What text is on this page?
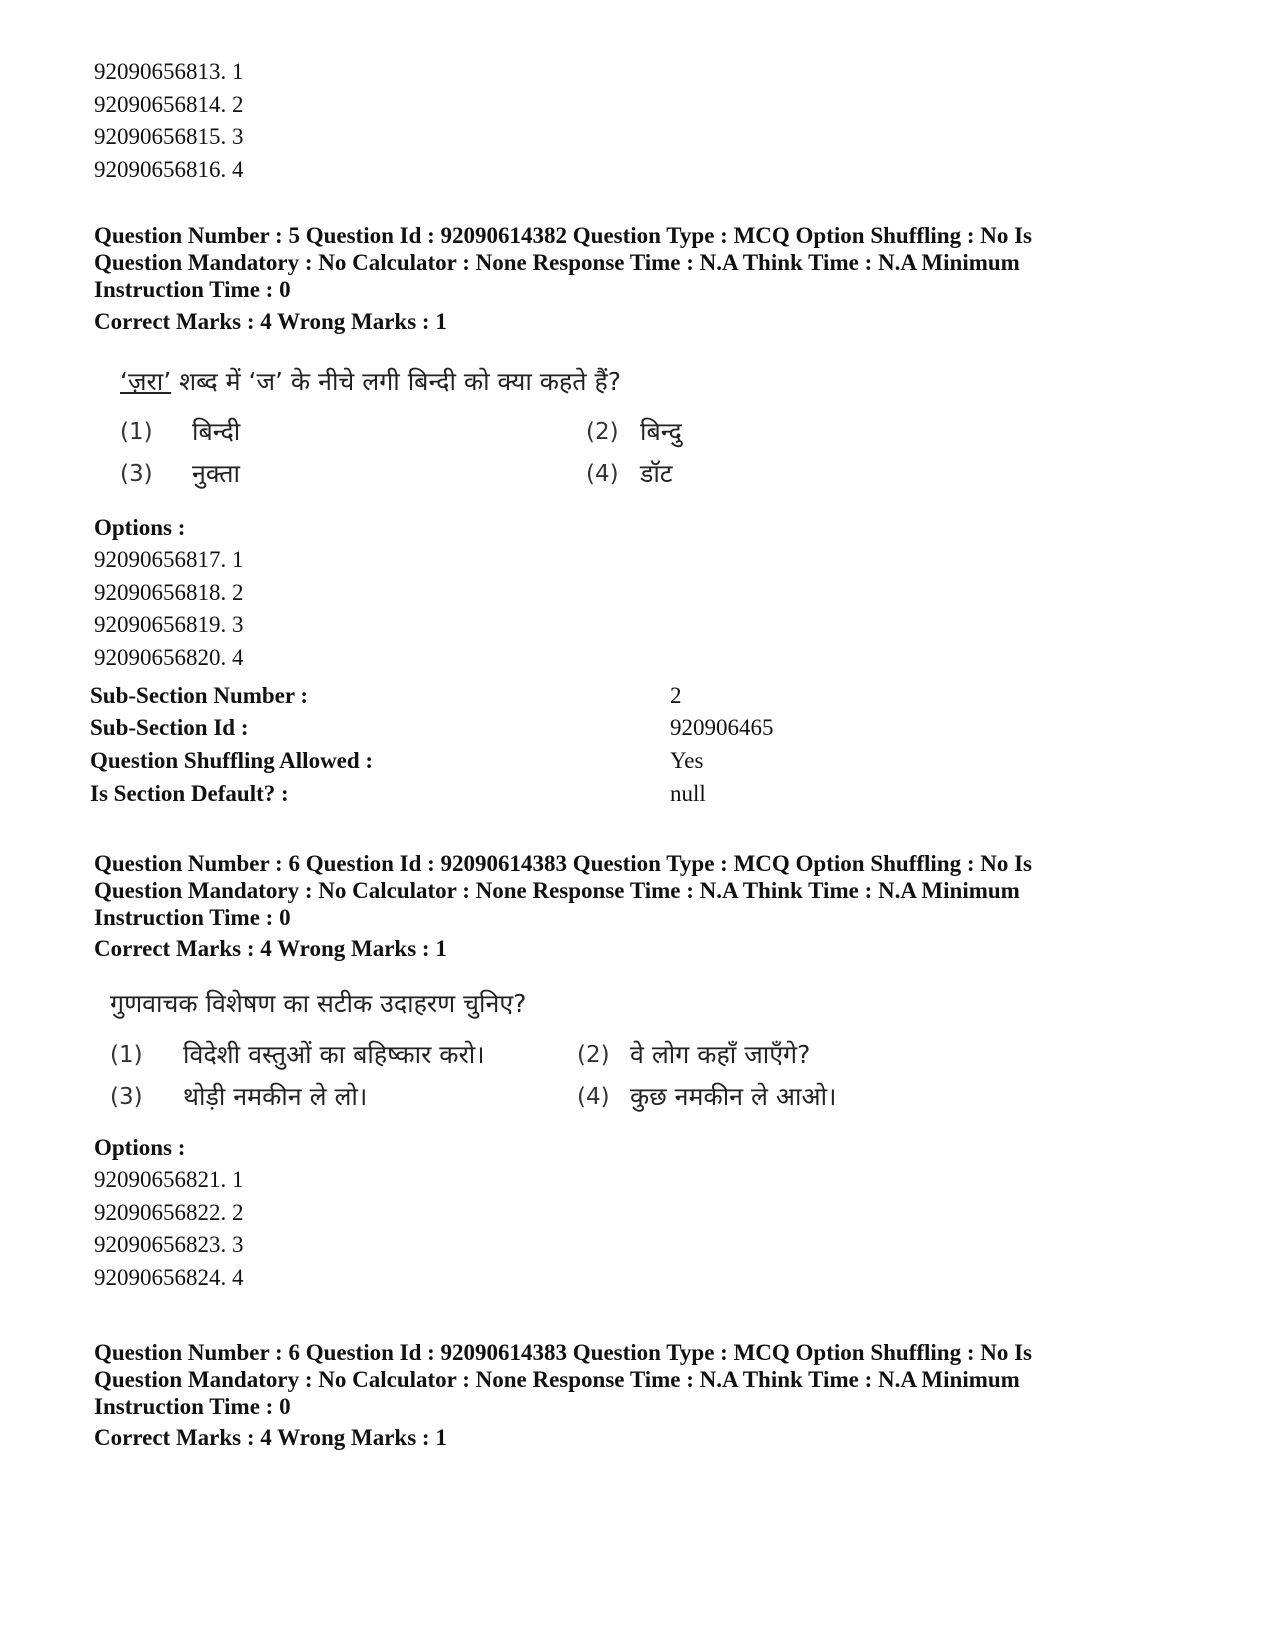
92090656813. 1
92090656814. 2
92090656815. 3
92090656816. 4
Question Number : 5 Question Id : 92090614382 Question Type : MCQ Option Shuffling : No Is
Question Mandatory : No Calculator : None Response Time : N.A Think Time : N.A Minimum
Instruction Time : 0
Correct Marks : 4 Wrong Marks : 1
‘ज़रा’ शब्द में ‘ज’ के नीचे लगी बिन्दी को क्या कहते हैं?
(1) बिन्दी	(2) बिन्दु
(3) नुक्ता	(4) डॉट
Options :
92090656817. 1
92090656818. 2
92090656819. 3
92090656820. 4
Sub-Section Number :	2
Sub-Section Id :	920906465
Question Shuffling Allowed :	Yes
Is Section Default? :	null
Question Number : 6 Question Id : 92090614383 Question Type : MCQ Option Shuffling : No Is
Question Mandatory : No Calculator : None Response Time : N.A Think Time : N.A Minimum
Instruction Time : 0
Correct Marks : 4 Wrong Marks : 1
गुणवाचक विशेषण का सटीक उदाहरण चुनिए?
(1) विदेशी वस्तुओं का बहिष्कार करो।	(2) वे लोग कहाँ जाएँगे?
(3) थोड़ी नमकीन ले लो।	(4) कुछ नमकीन ले आओ।
Options :
92090656821. 1
92090656822. 2
92090656823. 3
92090656824. 4
Question Number : 6 Question Id : 92090614383 Question Type : MCQ Option Shuffling : No Is
Question Mandatory : No Calculator : None Response Time : N.A Think Time : N.A Minimum
Instruction Time : 0
Correct Marks : 4 Wrong Marks : 1
